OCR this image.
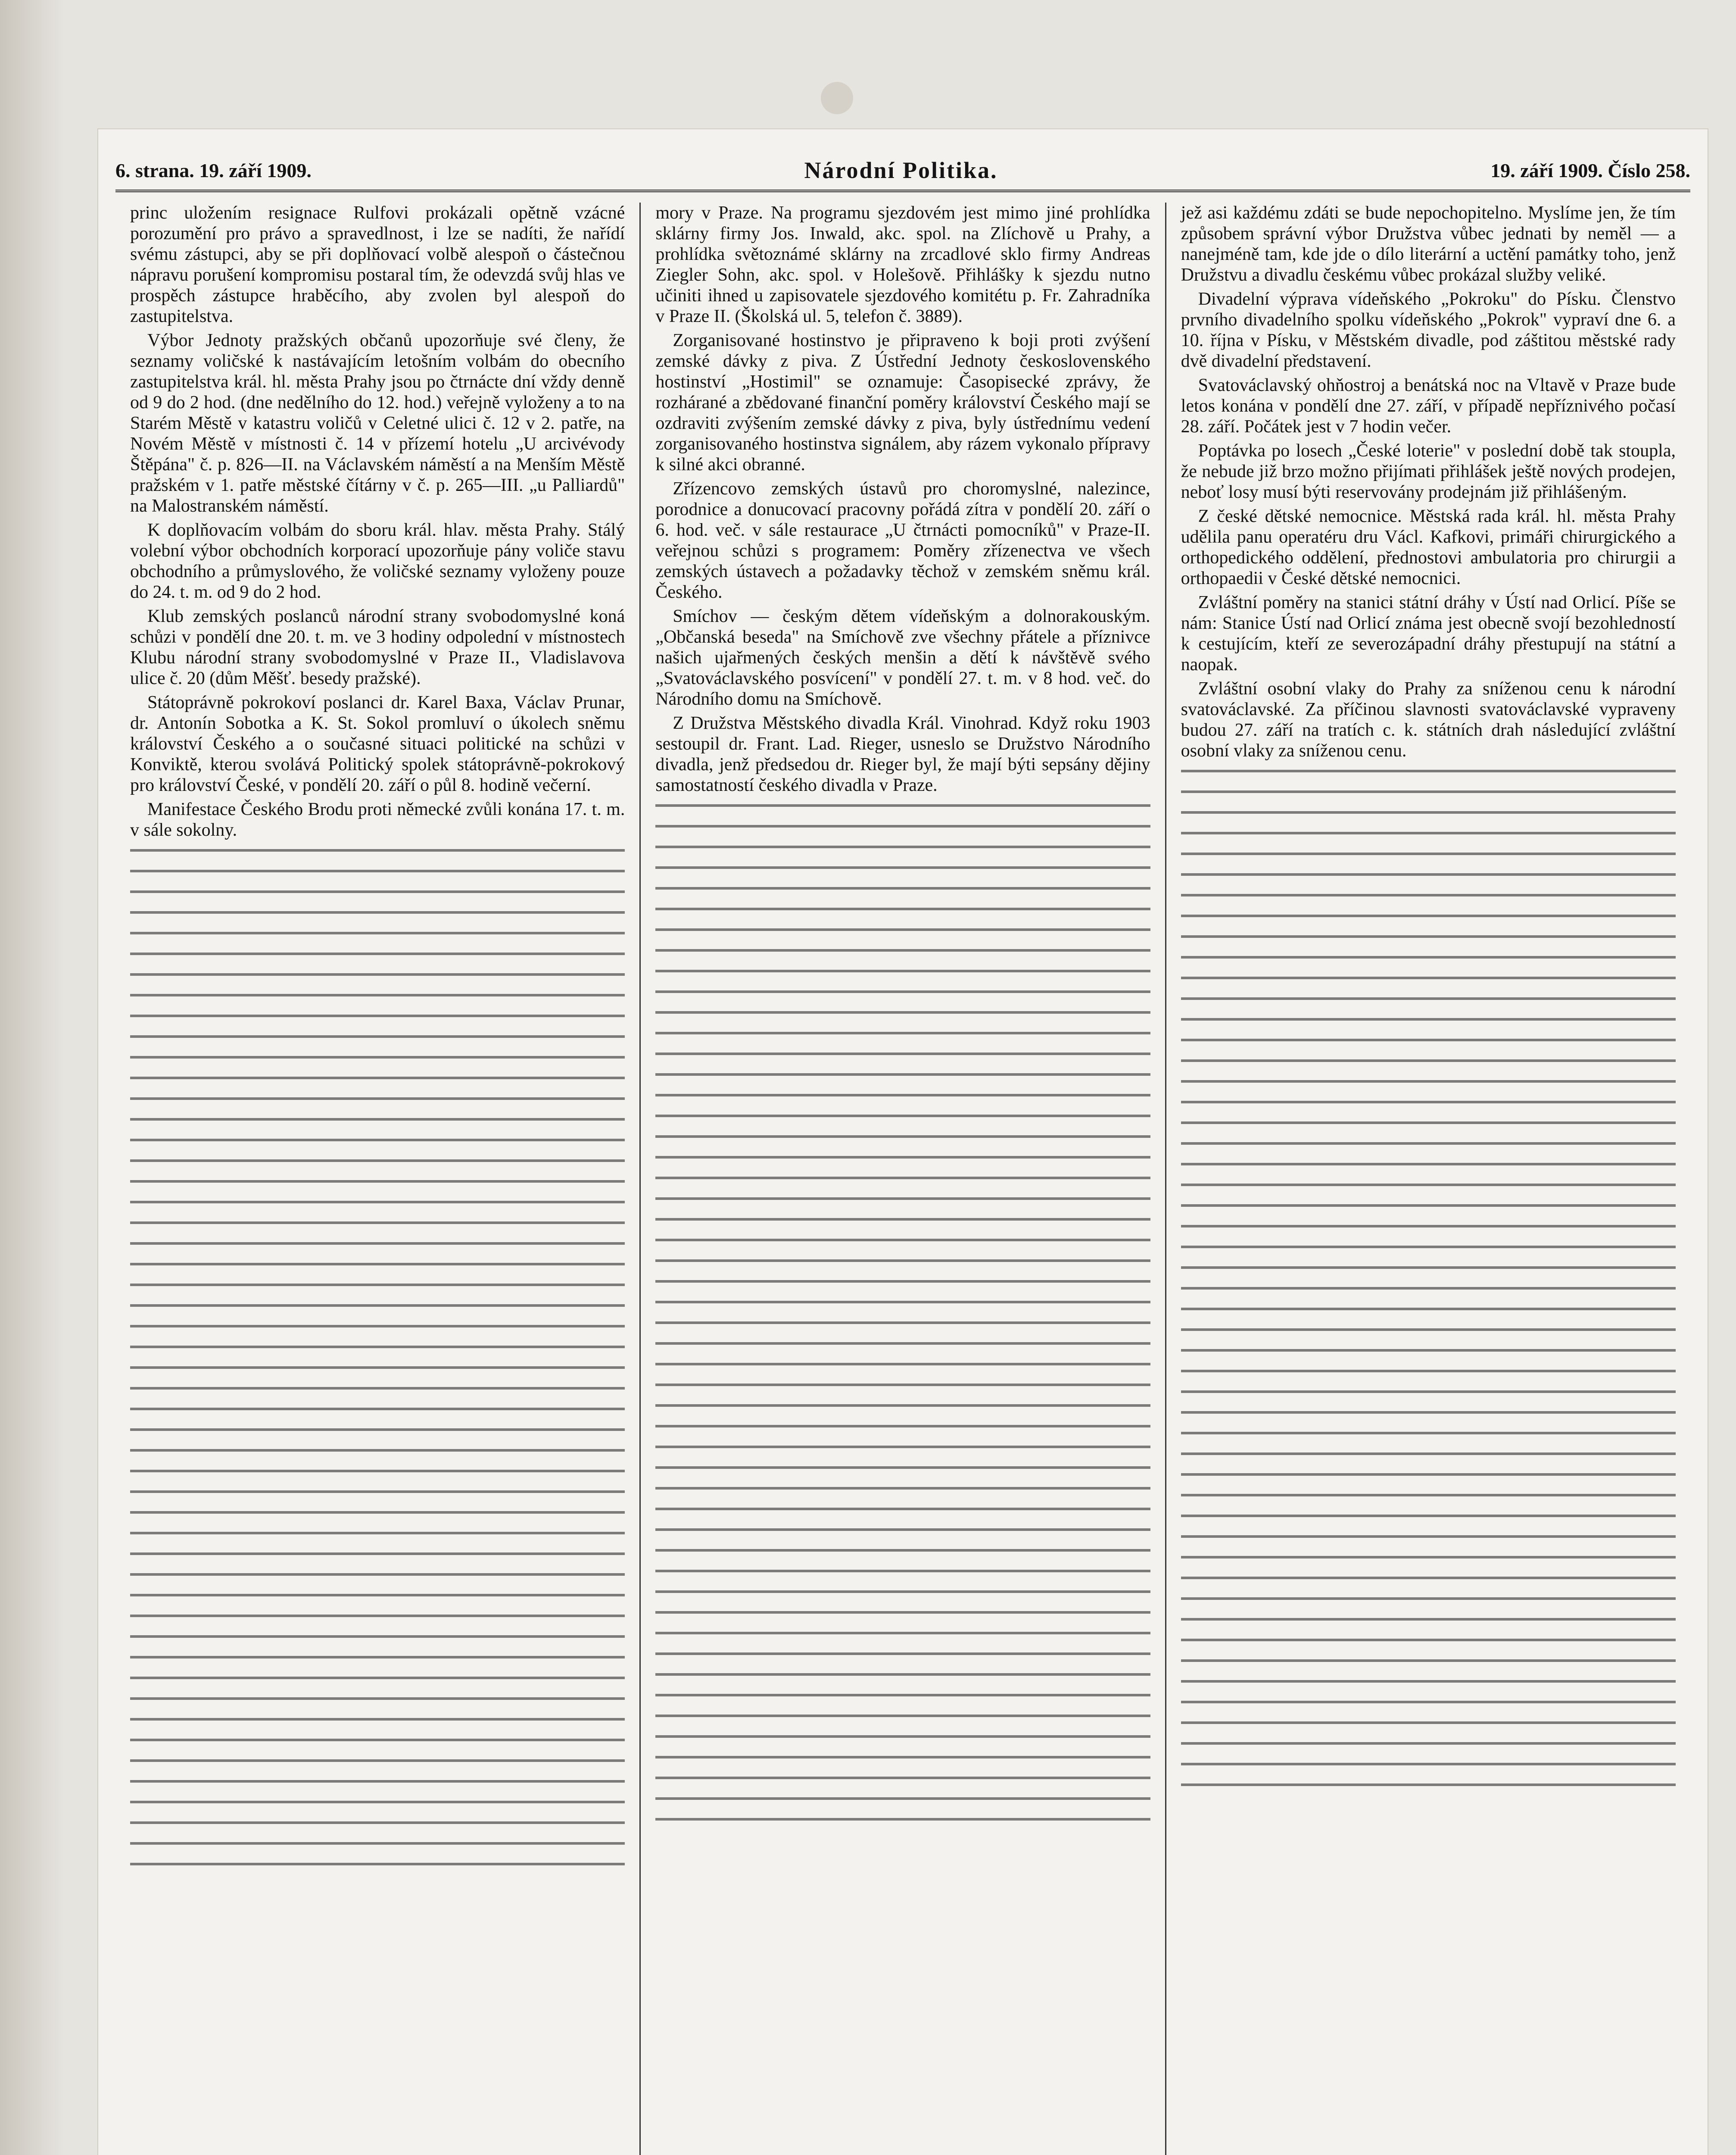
6. strana. 19. září 1909.	Národní Politika.	19. září 1909. Číslo 258.

princ uložením resignace Rulfovi prokázali opětně vzácné porozumění pro právo a spravedlnost, i lze se nadíti, že nařídí svému zástupci, aby se při doplňovací volbě alespoň o částečnou nápravu porušení kompromisu postaral tím, že odevzdá svůj hlas ve prospěch zástupce hraběcího, aby zvolen byl alespoň do zastupitelstva.

Výbor Jednoty pražských občanů upozorňuje své členy, že seznamy voličské k nastávajícím letošním volbám do obecního zastupitelstva král. hl. města Prahy jsou po čtrnácte dní vždy denně od 9 do 2 hod. (dne nedělního do 12. hod.) veřejně vyloženy a to na Starém Městě v katastru voličů v Celetné ulici č. 12 v 2. patře, na Novém Městě v místnosti č. 14 v přízemí hotelu „U arcivévody Štěpána" č. p. 826—II. na Václavském náměstí a na Menším Městě pražském v 1. patře městské čítárny v č. p. 265—III. „u Palliardů" na Malostranském náměstí.

K doplňovacím volbám do sboru král. hlav. města Prahy. Stálý volební výbor obchodních korporací upozorňuje pány voliče stavu obchodního a průmyslového, že voličské seznamy vyloženy pouze do 24. t. m. od 9 do 2 hod.

Klub zemských poslanců národní strany svobodomyslné koná schůzi v pondělí dne 20. t. m. ve 3 hodiny odpolední v místnostech Klubu národní strany svobodomyslné v Praze II., Vladislavova ulice č. 20 (dům Měšť. besedy pražské).

Státoprávně pokrokoví poslanci dr. Karel Baxa, Václav Prunar, dr. Antonín Sobotka a K. St. Sokol promluví o úkolech sněmu království Českého a o současné situaci politické na schůzi v Konviktě, kterou svolává Politický spolek státoprávně-pokrokový pro království České, v pondělí 20. září o půl 8. hodině večerní.

Manifestace Českého Brodu proti německé zvůli konána 17. t. m. v sále sokolny.

mory v Praze. Na programu sjezdovém jest mimo jiné prohlídka sklárny firmy Jos. Inwald, akc. spol. na Zlíchově u Prahy, a prohlídka světoznámé sklárny na zrcadlové sklo firmy Andreas Ziegler Sohn, akc. spol. v Holešově. Přihlášky k sjezdu nutno učiniti ihned u zapisovatele sjezdového komitétu p. Fr. Zahradníka v Praze II. (Školská ul. 5, telefon č. 3889).

Zorganisované hostinstvo je připraveno k boji proti zvýšení zemské dávky z piva. Z Ústřední Jednoty československého hostinství „Hostimil" se oznamuje: Časopisecké zprávy, že rozhárané a zbědované finanční poměry království Českého mají se ozdraviti zvýšením zemské dávky z piva, byly ústřednímu vedení zorganisovaného hostinstva signálem, aby rázem vykonalo přípravy k silné akci obranné.

Zřízencovo zemských ústavů pro choromyslné, nalezince, porodnice a donucovací pracovny pořádá zítra v pondělí 20. září o 6. hod. več. v sále restaurace „U čtrnácti pomocníků" v Praze-II. veřejnou schůzi s programem: Poměry zřízenectva ve všech zemských ústavech a požadavky těchož v zemském sněmu král. Českého.

Smíchov — českým dětem vídeňským a dolnorakouským. „Občanská beseda" na Smíchově zve všechny přátele a příznivce našich ujařmených českých menšin a dětí k návštěvě svého „Svatováclavského posvícení" v pondělí 27. t. m. v 8 hod. več. do Národního domu na Smíchově.

Z Družstva Městského divadla Král. Vinohrad. Když roku 1903 sestoupil dr. Frant. Lad. Rieger, usneslo se Družstvo Národního divadla, jenž předsedou dr. Rieger byl, že mají býti sepsány dějiny samostatností českého divadla v Praze.

jež asi každému zdáti se bude nepochopitelno. Myslíme jen, že tím způsobem správní výbor Družstva vůbec jednati by neměl — a nanejméně tam, kde jde o dílo literární a uctění památky toho, jenž Družstvu a divadlu českému vůbec prokázal služby veliké.

Divadelní výprava vídeňského „Pokroku" do Písku. Členstvo prvního divadelního spolku vídeňského „Pokrok" vypraví dne 6. a 10. října v Písku, v Městském divadle, pod záštitou městské rady dvě divadelní představení.

Svatováclavský ohňostroj a benátská noc na Vltavě v Praze bude letos konána v pondělí dne 27. září, v případě nepříznivého počasí 28. září. Počátek jest v 7 hodin večer.

Poptávka po losech „České loterie" v poslední době tak stoupla, že nebude již brzo možno přijímati přihlášek ještě nových prodejen, neboť losy musí býti reservovány prodejnám již přihlášeným.

Z české dětské nemocnice. Městská rada král. hl. města Prahy udělila panu operatéru dru Václ. Kafkovi, primáři chirurgického a orthopedického oddělení, přednostovi ambulatoria pro chirurgii a orthopaedii v České dětské nemocnici.

Zvláštní poměry na stanici státní dráhy v Ústí nad Orlicí. Píše se nám: Stanice Ústí nad Orlicí známa jest obecně svojí bezohledností k cestujícím, kteří ze severozápadní dráhy přestupují na státní a naopak.

Zvláštní osobní vlaky do Prahy za sníženou cenu k národní svatováclavské. Za příčinou slavnosti svatováclavské vypraveny budou 27. září na tratích c. k. státních drah následující zvláštní osobní vlaky za sníženou cenu.
